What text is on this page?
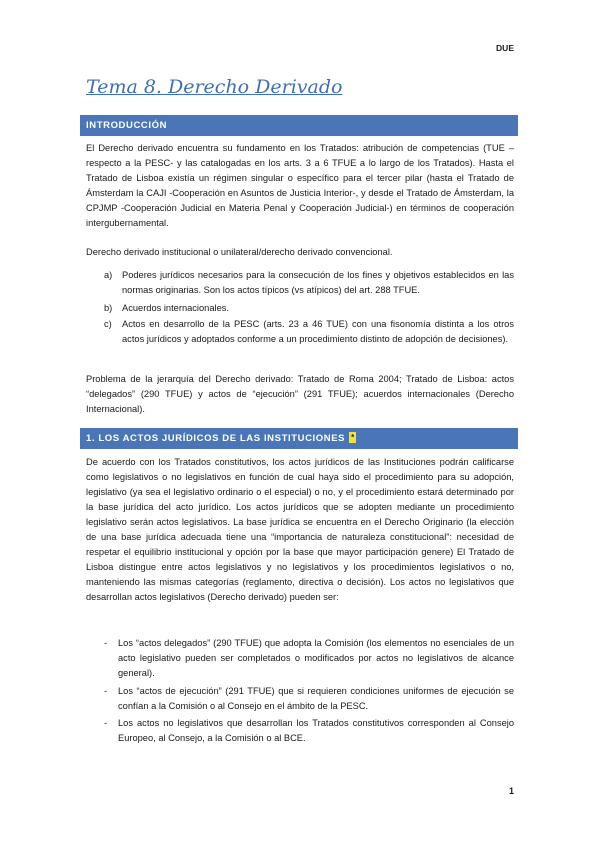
DUE
Tema 8. Derecho Derivado
INTRODUCCIÓN

El Derecho derivado encuentra su fundamento en los Tratados: atribución de competencias (TUE –respecto a la PESC- y las catalogadas en los arts. 3 a 6 TFUE a lo largo de los Tratados). Hasta el Tratado de Lisboa existía un régimen singular o específico para el tercer pilar (hasta el Tratado de Ámsterdam la CAJI -Cooperación en Asuntos de Justicia Interior-, y desde el Tratado de Ámsterdam, la CPJMP -Cooperación Judicial en Materia Penal y Cooperación Judicial-) en términos de cooperación intergubernamental.

Derecho derivado institucional o unilateral/derecho derivado convencional.

a)	Poderes jurídicos necesarios para la consecución de los fines y objetivos establecidos en las normas originarias. Son los actos típicos (vs atípicos) del art. 288 TFUE.
b)	Acuerdos internacionales.
c)	Actos en desarrollo de la PESC (arts. 23 a 46 TUE) con una fisonomía distinta a los otros actos jurídicos y adoptados conforme a un procedimiento distinto de adopción de decisiones).

Problema de la jerarquía del Derecho derivado: Tratado de Roma 2004; Tratado de Lisboa: actos “delegados” (290 TFUE) y actos de “ejecución” (291 TFUE); acuerdos internacionales (Derecho Internacional).

1. LOS ACTOS JURÍDICOS DE LAS INSTITUCIONES *

De acuerdo con los Tratados constitutivos, los actos jurídicos de las Instituciones podrán calificarse como legislativos o no legislativos en función de cual haya sido el procedimiento para su adopción, legislativo (ya sea el legislativo ordinario o el especial) o no, y el procedimiento estará determinado por la base jurídica del acto jurídico. Los actos jurídicos que se adopten mediante un procedimiento legislativo serán actos legislativos. La base jurídica se encuentra en el Derecho Originario (la elección de una base jurídica adecuada tiene una “importancia de naturaleza constitucional”: necesidad de respetar el equilibrio institucional y opción por la base que mayor participación genere) El Tratado de Lisboa distingue entre actos legislativos y no legislativos y los procedimientos legislativos o no, manteniendo las mismas categorías (reglamento, directiva o decisión). Los actos no legislativos que desarrollan actos legislativos (Derecho derivado) pueden ser:

- Los “actos delegados” (290 TFUE) que adopta la Comisión (los elementos no esenciales de un acto legislativo pueden ser completados o modificados por actos no legislativos de alcance general).
- Los “actos de ejecución” (291 TFUE) que si requieren condiciones uniformes de ejecución se confían a la Comisión o al Consejo en el ámbito de la PESC.
- Los actos no legislativos que desarrollan los Tratados constitutivos corresponden al Consejo Europeo, al Consejo, a la Comisión o al BCE.
1
